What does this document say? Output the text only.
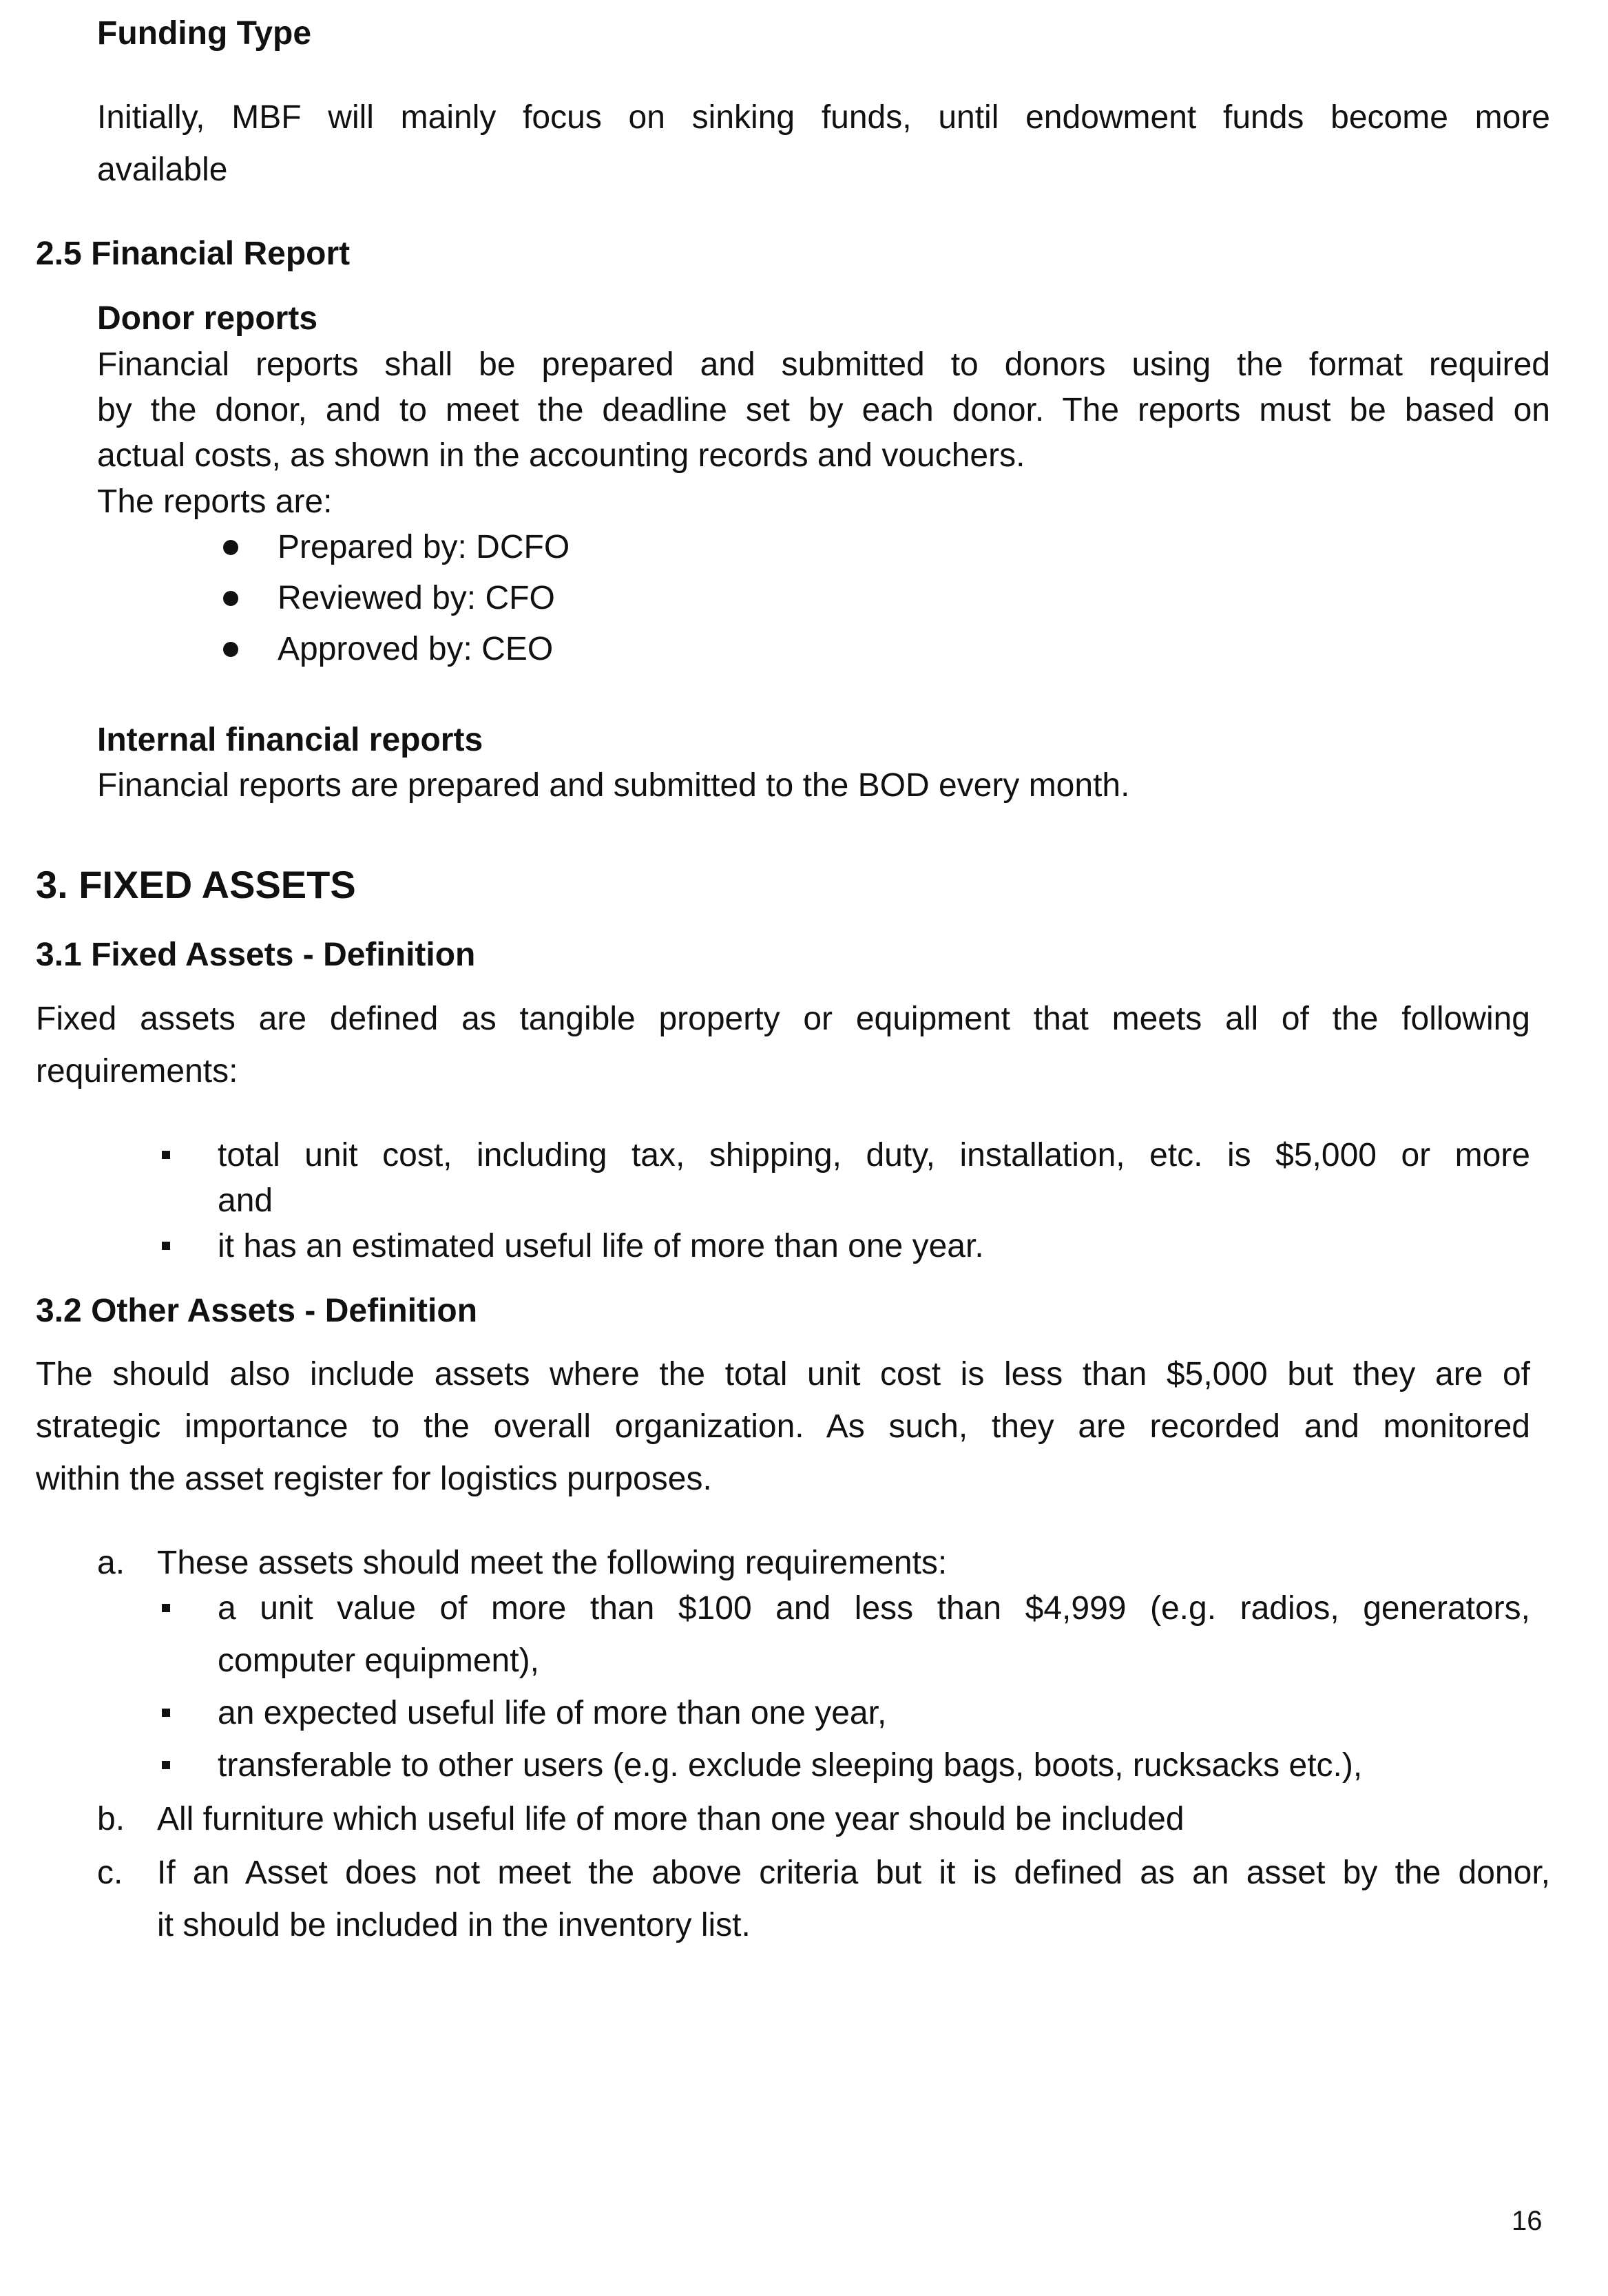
Funding Type

Initially, MBF will mainly focus on sinking funds, until endowment funds become more

available

2.5 Financial Report

Donor reports

Financial reports shall be prepared and submitted to donors using the format required

by the donor, and to meet the deadline set by each donor. The reports must be based on

actual costs, as shown in the accounting records and vouchers.

The reports are:

Prepared by: DCFO

Reviewed by: CFO

Approved by: CEO

Internal financial reports

Financial reports are prepared and submitted to the BOD every month.

3. FIXED ASSETS

3.1 Fixed Assets - Definition

Fixed assets are defined as tangible property or equipment that meets all of the following

requirements:

total unit cost, including tax, shipping, duty, installation, etc. is $5,000 or more

and

it has an estimated useful life of more than one year.

3.2 Other Assets - Definition

The should also include assets where the total unit cost is less than $5,000 but they are of

strategic importance to the overall organization. As such, they are recorded and monitored

within the asset register for logistics purposes.

a. These assets should meet the following requirements:

a unit value of more than $100 and less than $4,999 (e.g. radios, generators,

computer equipment),

an expected useful life of more than one year,

transferable to other users (e.g. exclude sleeping bags, boots, rucksacks etc.),

b. All furniture which useful life of more than one year should be included

c. If an Asset does not meet the above criteria but it is defined as an asset by the donor,

it should be included in the inventory list.

16
